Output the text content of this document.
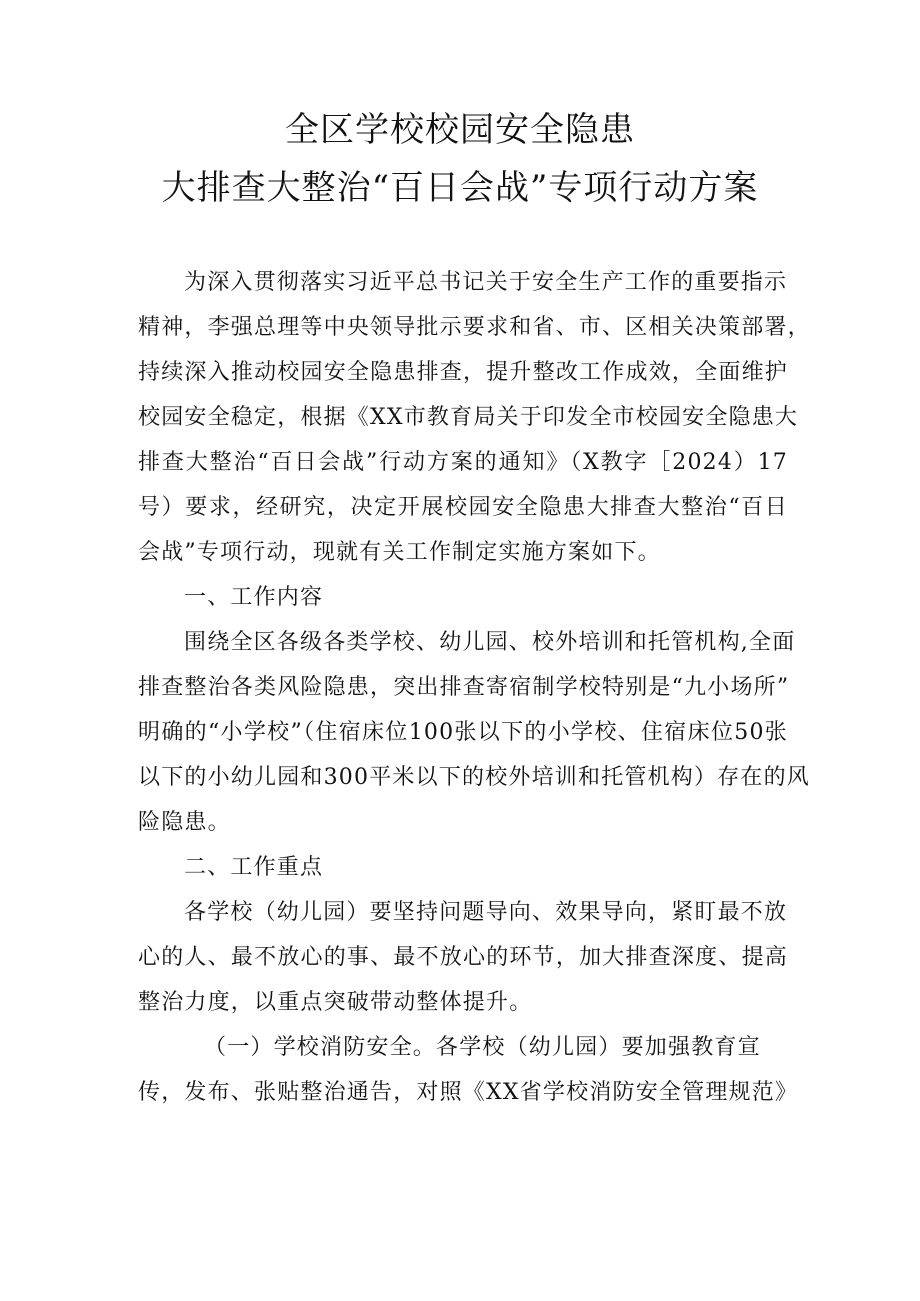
全区学校校园安全隐患
大排查大整治“百日会战”专项行动方案
为深入贯彻落实习近平总书记关于安全生产工作的重要指示
精神，李强总理等中央领导批示要求和省、市、区相关决策部署，
持续深入推动校园安全隐患排查，提升整改工作成效，全面维护
校园安全稳定，根据《XX市教育局关于印发全市校园安全隐患大
排查大整治“百日会战”行动方案的通知》（X教字［2024）17
号）要求，经研究，决定开展校园安全隐患大排查大整治“百日
会战”专项行动，现就有关工作制定实施方案如下。
一、工作内容
围绕全区各级各类学校、幼儿园、校外培训和托管机构,全面
排查整治各类风险隐患，突出排查寄宿制学校特别是“九小场所”
明确的“小学校”（住宿床位100张以下的小学校、住宿床位50张
以下的小幼儿园和300平米以下的校外培训和托管机构）存在的风
险隐患。
二、工作重点
各学校（幼儿园）要坚持问题导向、效果导向，紧盯最不放
心的人、最不放心的事、最不放心的环节，加大排查深度、提高
整治力度，以重点突破带动整体提升。
（一）学校消防安全。各学校（幼儿园）要加强教育宣
传，发布、张贴整治通告，对照《XX省学校消防安全管理规范》
